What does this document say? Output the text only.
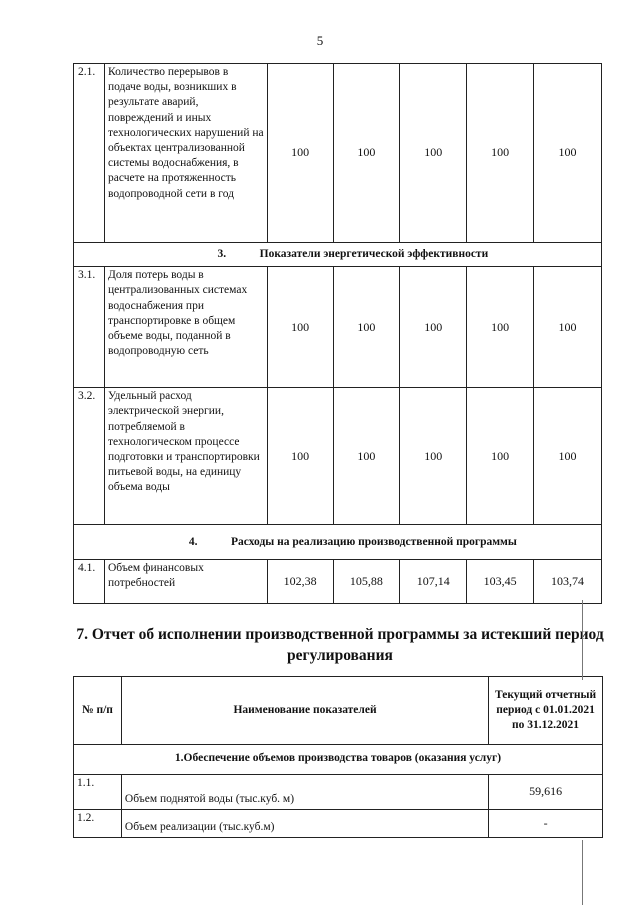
5
2.1.	Количество перерывов в подаче воды, возникших в результате аварий, повреждений и иных технологических нарушений на объектах централизованной системы водоснабжения, в расчете на протяженность водопроводной сети в год	100	100	100	100	100
3. Показатели энергетической эффективности						
3.1.	Доля потерь воды в централизованных системах водоснабжения при транспортировке в общем объеме воды, поданной в водопроводную сеть	100	100	100	100	100
3.2.	Удельный расход электрической энергии, потребляемой в технологическом процессе подготовки и транспортировки питьевой воды, на единицу объема воды	100	100	100	100	100
4. Расходы на реализацию производственной программы						
4.1.	Объем финансовых потребностей	102,38	105,88	107,14	103,45	103,74
7. Отчет об исполнении производственной программы за истекший период регулирования
№ п/п	Наименование показателей	Текущий отчетный период с 01.01.2021 по 31.12.2021
1.Обеспечение объемов производства товаров (оказания услуг)		
1.1.	Объем поднятой воды (тыс.куб. м)	59,616
1.2.	Объем реализации (тыс.куб.м)	-
